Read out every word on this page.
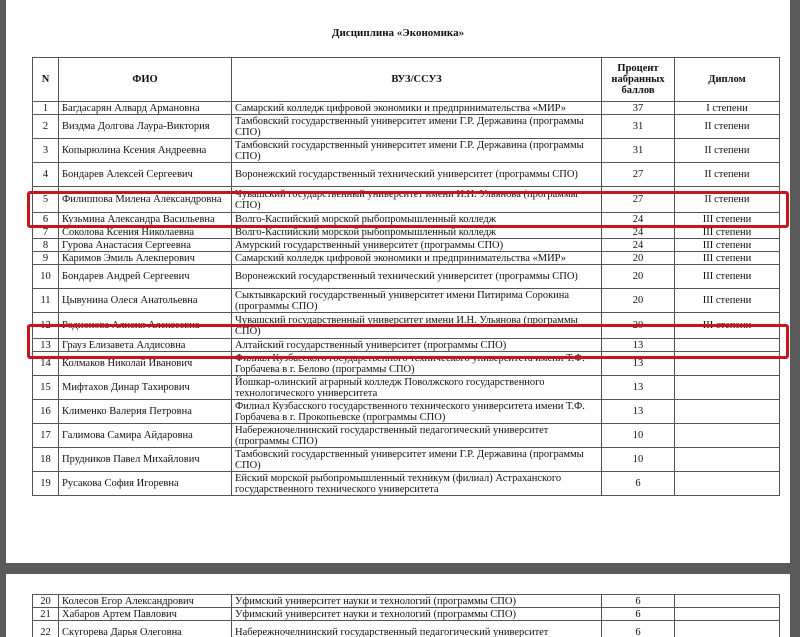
Дисциплина «Экономика»
N	ФИО	ВУЗ/ССУЗ	Процент набранных баллов	Диплом
1	Багдасарян Алвард Армановна	Самарский колледж цифровой экономики и предпринимательства «МИР»	37	I степени
2	Виздма Долгова Лаура-Виктория	Тамбовский государственный университет имени Г.Р. Державина (программы СПО)	31	II степени
3	Копырюлина Ксения Андреевна	Тамбовский государственный университет имени Г.Р. Державина (программы СПО)	31	II степени
4	Бондарев Алексей Сергеевич	Воронежский государственный технический университет (программы СПО)	27	II степени
5	Филиппова Милена Александровна	Чувашский государственный университет имени И.Н. Ульянова (программы СПО)	27	II степени
6	Кузьмина Александра Васильевна	Волго-Каспийский морской рыбопромышленный колледж	24	III степени
7	Соколова Ксения Николаевна	Волго-Каспийский морской рыбопромышленный колледж	24	III степени
8	Гурова Анастасия Сергеевна	Амурский государственный университет (программы СПО)	24	III степени
9	Каримов Эмиль Алекперович	Самарский колледж цифровой экономики и предпринимательства «МИР»	20	III степени
10	Бондарев Андрей Сергеевич	Воронежский государственный технический университет (программы СПО)	20	III степени
11	Цывунина Олеся Анатольевна	Сыктывкарский государственный университет имени Питирима Сорокина (программы СПО)	20	III степени
12	Родионова Алисия Алексеевна	Чувашский государственный университет имени И.Н. Ульянова (программы СПО)	20	III степени
13	Грауз Елизавета Алдисовна	Алтайский государственный университет (программы СПО)	13	
14	Колмаков Николай Иванович	Филиал Кузбасского государственного технического университета имени Т.Ф. Горбачева в г. Белово (программы СПО)	13	
15	Мифтахов Динар Тахирович	Йошкар-олинский аграрный колледж Поволжского государственного технологического университета	13	
16	Клименко Валерия Петровна	Филиал Кузбасского государственного технического университета имени Т.Ф. Горбачева в г. Прокопьевске (программы СПО)	13	
17	Галимова Самира Айдаровна	Набережночелнинский государственный педагогический университет (программы СПО)	10	
18	Прудников Павел Михайлович	Тамбовский государственный университет имени Г.Р. Державина (программы СПО)	10	
19	Русакова София Игоревна	Ейский морской рыбопромышленный техникум (филиал) Астраханского государственного технического университета	6	
20	Колесов Егор Александрович	Уфимский университет науки и технологий (программы СПО)	6	
21	Хабаров Артем Павлович	Уфимский университет науки и технологий (программы СПО)	6	
22	Скугорева Дарья Олеговна	Набережночелнинский государственный педагогический университет	6	
